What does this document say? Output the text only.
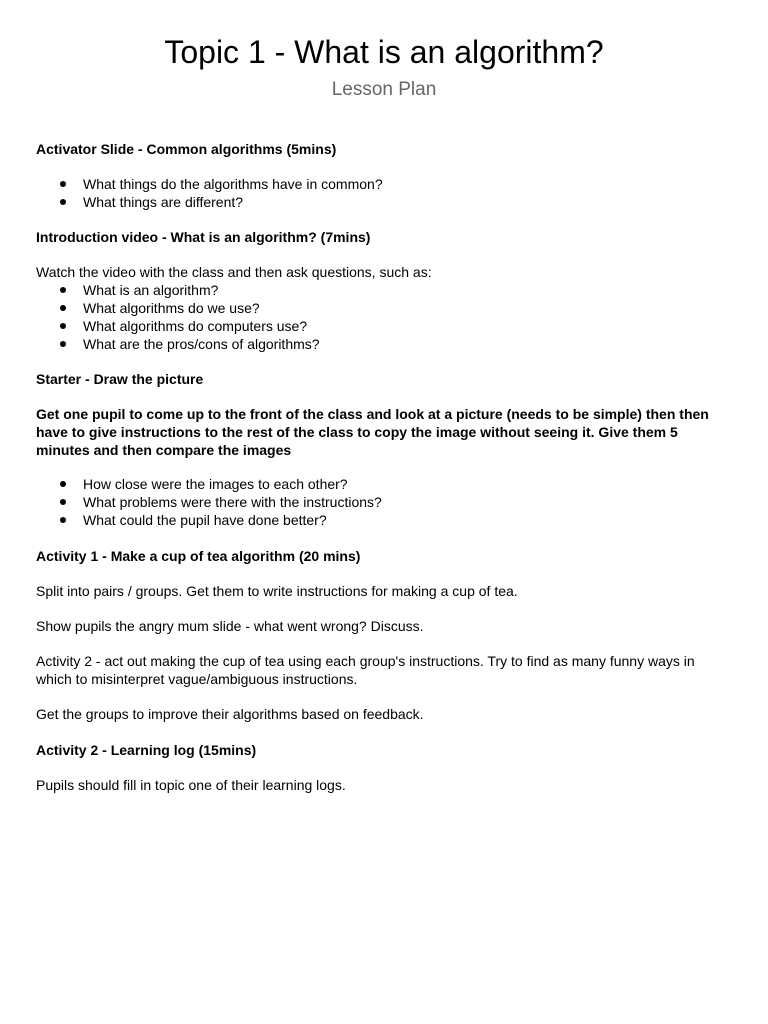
Topic 1 - What is an algorithm?
Lesson Plan

Activator Slide - Common algorithms (5mins)

What things do the algorithms have in common?
What things are different?

Introduction video - What is an algorithm? (7mins)

Watch the video with the class and then ask questions, such as:

What is an algorithm?
What algorithms do we use?
What algorithms do computers use?
What are the pros/cons of algorithms?

Starter - Draw the picture

Get one pupil to come up to the front of the class and look at a picture (needs to be simple) then then have to give instructions to the rest of the class to copy the image without seeing it. Give them 5 minutes and then compare the images

How close were the images to each other?
What problems were there with the instructions?
What could the pupil have done better?

Activity 1 - Make a cup of tea algorithm (20 mins)

Split into pairs / groups. Get them to write instructions for making a cup of tea.

Show pupils the angry mum slide - what went wrong? Discuss.

Activity 2 - act out making the cup of tea using each group's instructions. Try to find as many funny ways in which to misinterpret vague/ambiguous instructions.

Get the groups to improve their algorithms based on feedback.

Activity 2 - Learning log (15mins)

Pupils should fill in topic one of their learning logs.
